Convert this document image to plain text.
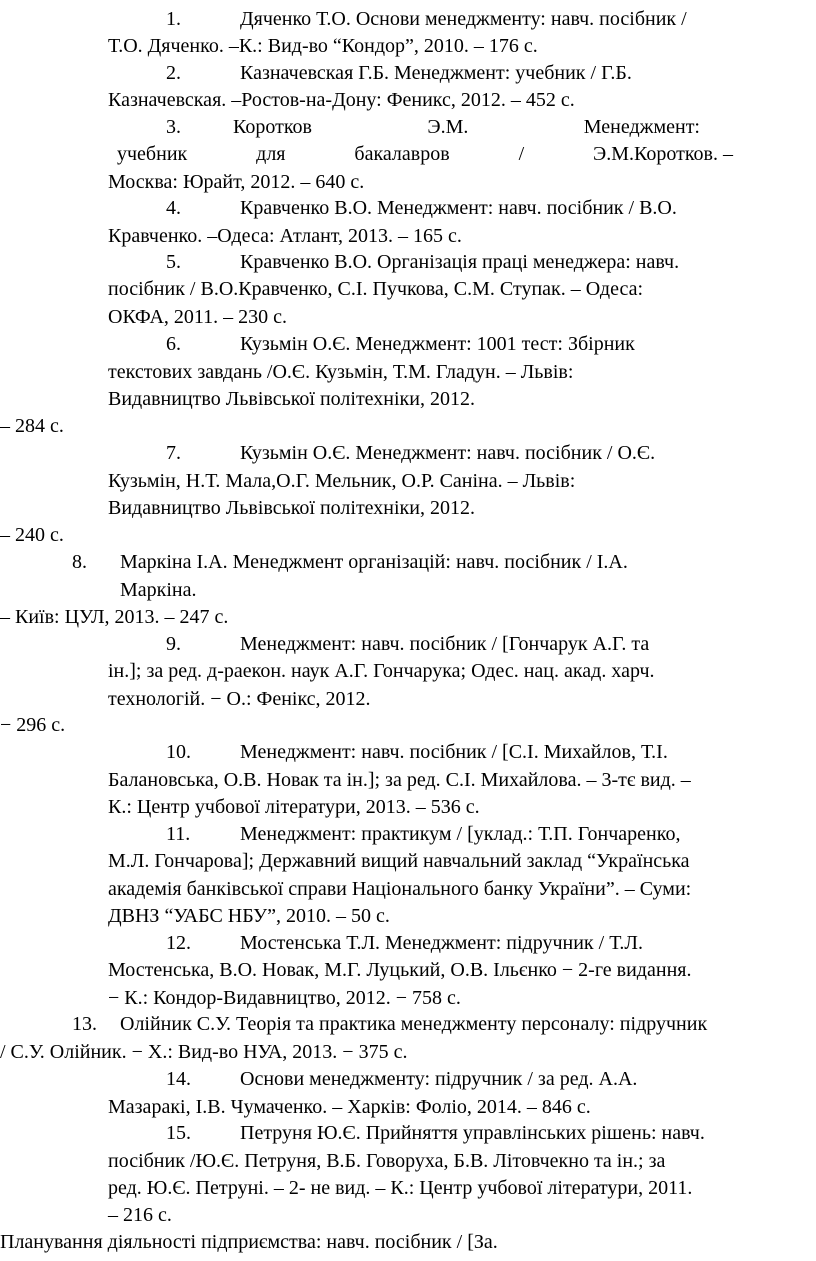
1.	Дяченко Т.О. Основи менеджменту: навч. посібник /
Т.О. Дяченко. –К.: Вид-во “Кондор”, 2010. – 176 с.
2.	Казначевская Г.Б. Менеджмент: учебник / Г.Б.
Казначевская. –Ростов-на-Дону: Феникс, 2012. – 452 с.
3.	Коротков	Э.М.	Менеджмент:
учебник	для	бакалавров	/	Э.М.Коротков. –
Москва: Юрайт, 2012. – 640 с.
4.	Кравченко В.О. Менеджмент: навч. посібник / В.О.
Кравченко. –Одеса: Атлант, 2013. – 165 с.
5.	Кравченко В.О. Організація праці менеджера: навч.
посібник / В.О.Кравченко, С.І. Пучкова, С.М. Ступак. – Одеса:
ОКФА, 2011. – 230 с.
6.	Кузьмін О.Є. Менеджмент: 1001 тест: Збірник
текстових завдань /О.Є. Кузьмін, Т.М. Гладун. – Львів:
Видавництво Львівської політехніки, 2012.
– 284 с.
7.	Кузьмін О.Є. Менеджмент: навч. посібник / О.Є.
Кузьмін, Н.Т. Мала,О.Г. Мельник, О.Р. Саніна. – Львів:
Видавництво Львівської політехніки, 2012.
– 240 с.
8. Маркіна І.А. Менеджмент організацій: навч. посібник / І.А.
Маркіна.
– Київ: ЦУЛ, 2013. – 247 с.
9.	Менеджмент: навч. посібник / [Гончарук А.Г. та
ін.]; за ред. д-раекон. наук А.Г. Гончарука; Одес. нац. акад. харч.
технологій. − О.: Фенікс, 2012.
− 296 с.
10. Менеджмент: навч. посібник / [С.І. Михайлов, Т.І.
Балановська, О.В. Новак та ін.]; за ред. С.І. Михайлова. – 3-тє вид. –
К.: Центр учбової літератури, 2013. – 536 с.
11. Менеджмент: практикум / [уклад.: Т.П. Гончаренко,
М.Л. Гончарова]; Державний вищий навчальний заклад “Українська
академія банківської справи Національного банку України”. – Суми:
ДВНЗ “УАБС НБУ”, 2010. – 50 с.
12. Мостенська Т.Л. Менеджмент: підручник / Т.Л.
Мостенська, В.О. Новак, М.Г. Луцький, О.В. Ільєнко − 2-ге видання.
− К.: Кондор-Видавництво, 2012. − 758 с.
13. Олійник С.У. Теорія та практика менеджменту персоналу: підручник
/ С.У. Олійник. − Х.: Вид-во НУА, 2013. − 375 с.
14. Основи менеджменту: підручник / за ред. А.А.
Мазаракі, І.В. Чумаченко. – Харків: Фоліо, 2014. – 846 с.
15. Петруня Ю.Є. Прийняття управлінських рішень: навч.
посібник /Ю.Є. Петруня, В.Б. Говоруха, Б.В. Літовчекно та ін.; за
ред. Ю.Є. Петруні. – 2- не вид. – К.: Центр учбової літератури, 2011.
– 216 с.
Планування діяльності підприємства: навч. посібник / [За.
